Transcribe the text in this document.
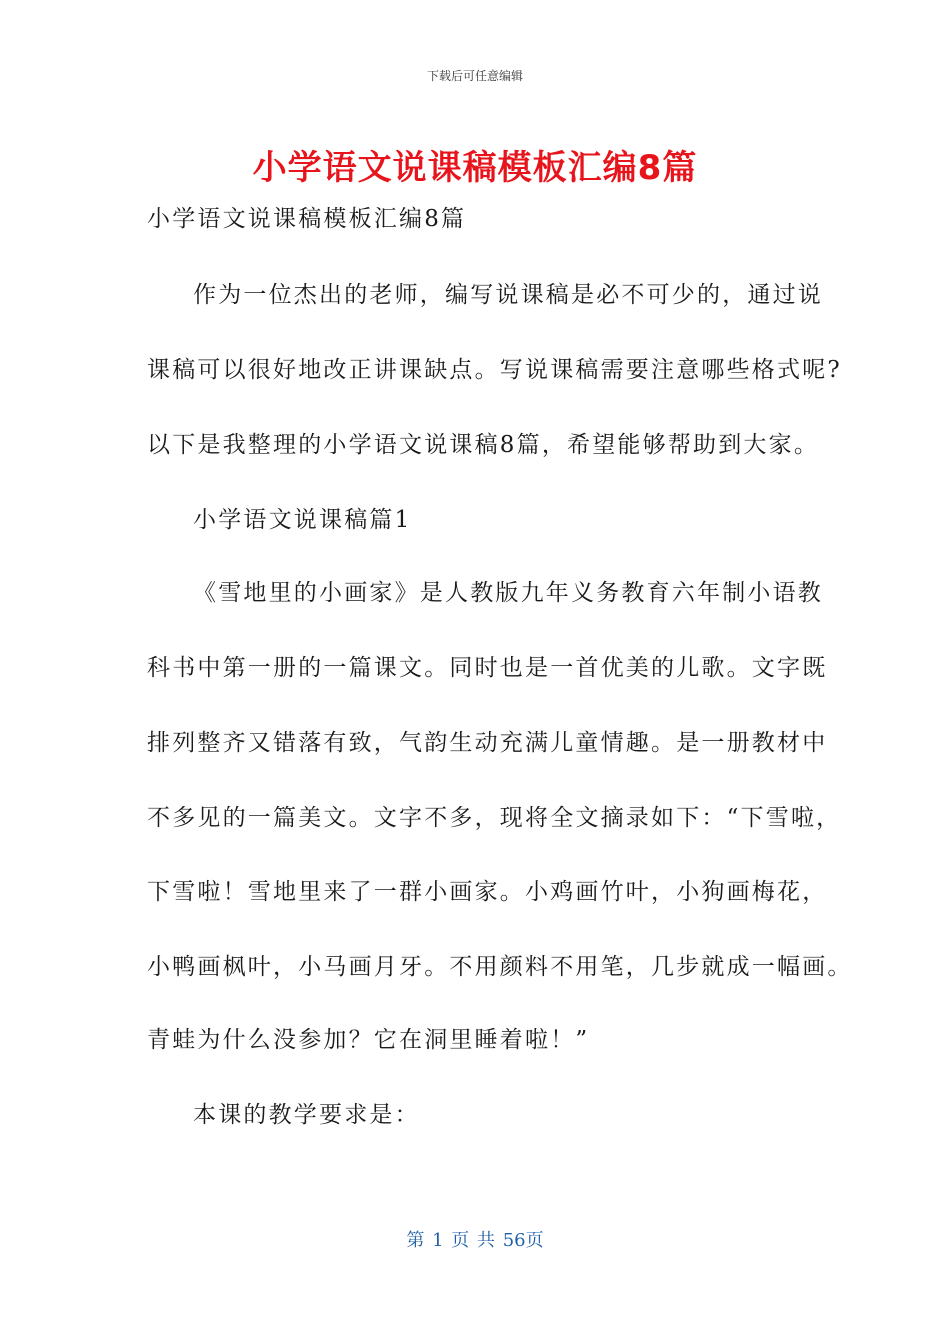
下载后可任意编辑
小学语文说课稿模板汇编8篇
小学语文说课稿模板汇编8篇
作为一位杰出的老师，编写说课稿是必不可少的，通过说
课稿可以很好地改正讲课缺点。写说课稿需要注意哪些格式呢?
以下是我整理的小学语文说课稿8篇，希望能够帮助到大家。
小学语文说课稿篇1
《雪地里的小画家》是人教版九年义务教育六年制小语教
科书中第一册的一篇课文。同时也是一首优美的儿歌。文字既
排列整齐又错落有致，气韵生动充满儿童情趣。是一册教材中
不多见的一篇美文。文字不多，现将全文摘录如下：“下雪啦，
下雪啦！雪地里来了一群小画家。小鸡画竹叶，小狗画梅花，
小鸭画枫叶，小马画月牙。不用颜料不用笔，几步就成一幅画。
青蛙为什么没参加？它在洞里睡着啦！”
本课的教学要求是：
第 1 页 共 56页
